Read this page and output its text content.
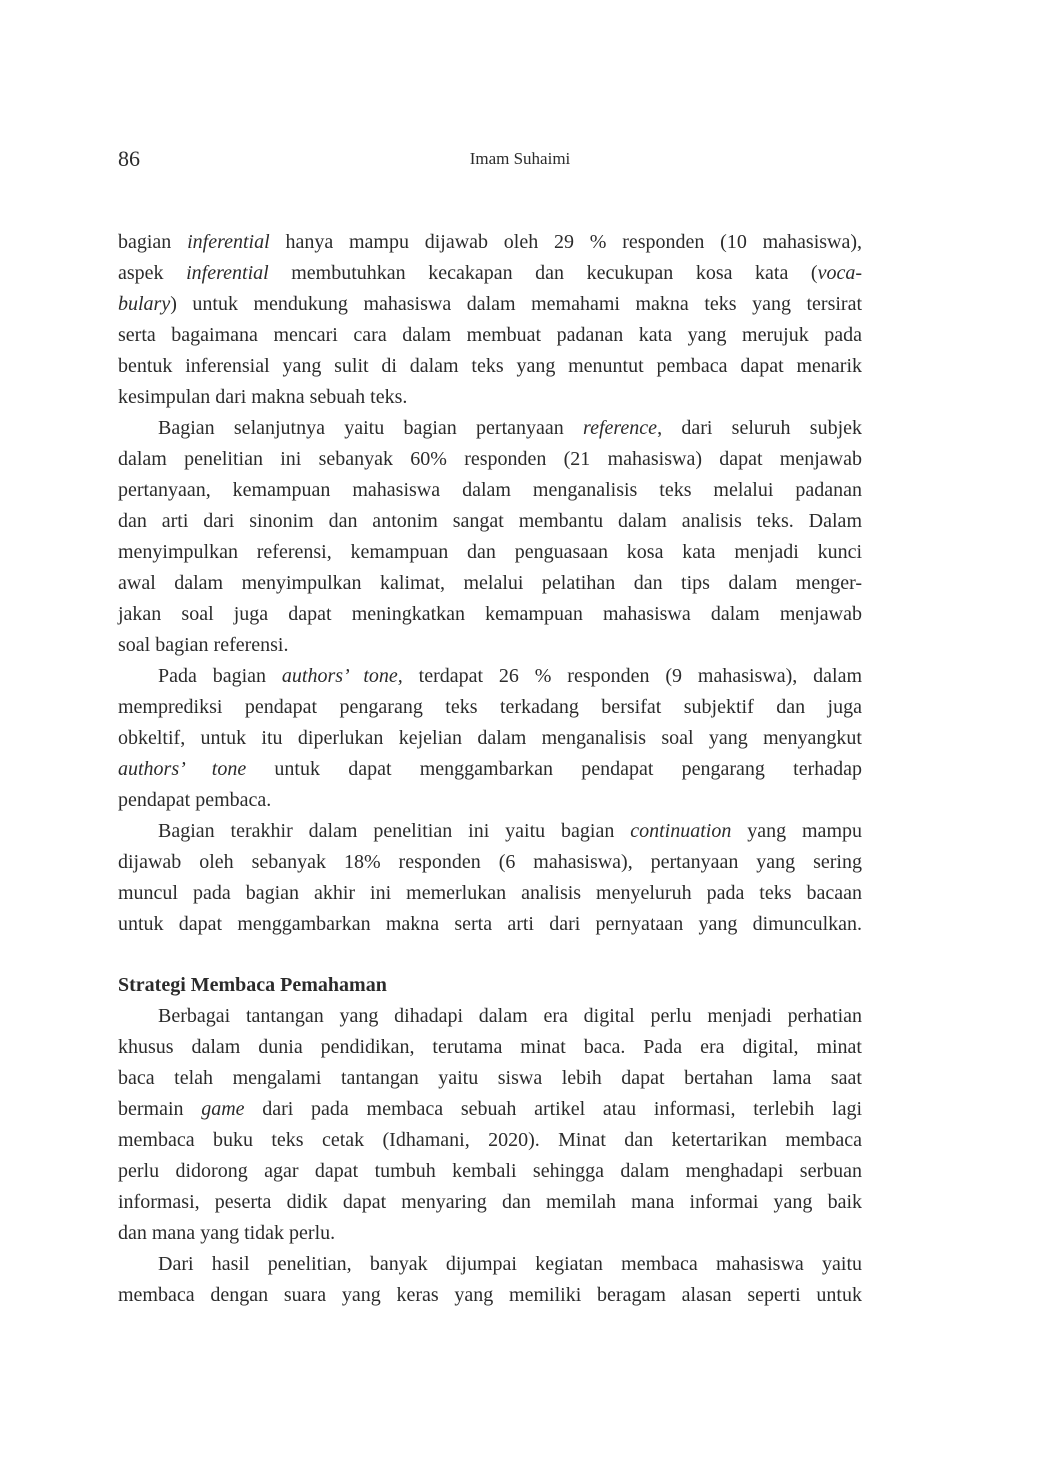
86	Imam Suhaimi
bagian inferential hanya mampu dijawab oleh 29 % responden (10 mahasiswa),
aspek inferential membutuhkan kecakapan dan kecukupan kosa kata (voca-
bulary) untuk mendukung mahasiswa dalam memahami makna teks yang tersirat
serta bagaimana mencari cara dalam membuat padanan kata yang merujuk pada
bentuk inferensial yang sulit di dalam teks yang menuntut pembaca dapat menarik
kesimpulan dari makna sebuah teks.
Bagian selanjutnya yaitu bagian pertanyaan reference, dari seluruh subjek
dalam penelitian ini sebanyak 60% responden (21 mahasiswa) dapat menjawab
pertanyaan, kemampuan mahasiswa dalam menganalisis teks melalui padanan
dan arti dari sinonim dan antonim sangat membantu dalam analisis teks. Dalam
menyimpulkan referensi, kemampuan dan penguasaan kosa kata menjadi kunci
awal dalam menyimpulkan kalimat, melalui pelatihan dan tips dalam menger-
jakan soal juga dapat meningkatkan kemampuan mahasiswa dalam menjawab
soal bagian referensi.
Pada bagian authors’ tone, terdapat 26 % responden (9 mahasiswa), dalam
memprediksi pendapat pengarang teks terkadang bersifat subjektif dan juga
obkeltif, untuk itu diperlukan kejelian dalam menganalisis soal yang menyangkut
authors’ tone untuk dapat menggambarkan pendapat pengarang terhadap
pendapat pembaca.
Bagian terakhir dalam penelitian ini yaitu bagian continuation yang mampu
dijawab oleh sebanyak 18% responden (6 mahasiswa), pertanyaan yang sering
muncul pada bagian akhir ini memerlukan analisis menyeluruh pada teks bacaan
untuk dapat menggambarkan makna serta arti dari pernyataan yang dimunculkan.
Strategi Membaca Pemahaman
Berbagai tantangan yang dihadapi dalam era digital perlu menjadi perhatian
khusus dalam dunia pendidikan, terutama minat baca. Pada era digital, minat
baca telah mengalami tantangan yaitu siswa lebih dapat bertahan lama saat
bermain game dari pada membaca sebuah artikel atau informasi, terlebih lagi
membaca buku teks cetak (Idhamani, 2020). Minat dan ketertarikan membaca
perlu didorong agar dapat tumbuh kembali sehingga dalam menghadapi serbuan
informasi, peserta didik dapat menyaring dan memilah mana informai yang baik
dan mana yang tidak perlu.
Dari hasil penelitian, banyak dijumpai kegiatan membaca mahasiswa yaitu
membaca dengan suara yang keras yang memiliki beragam alasan seperti untuk
